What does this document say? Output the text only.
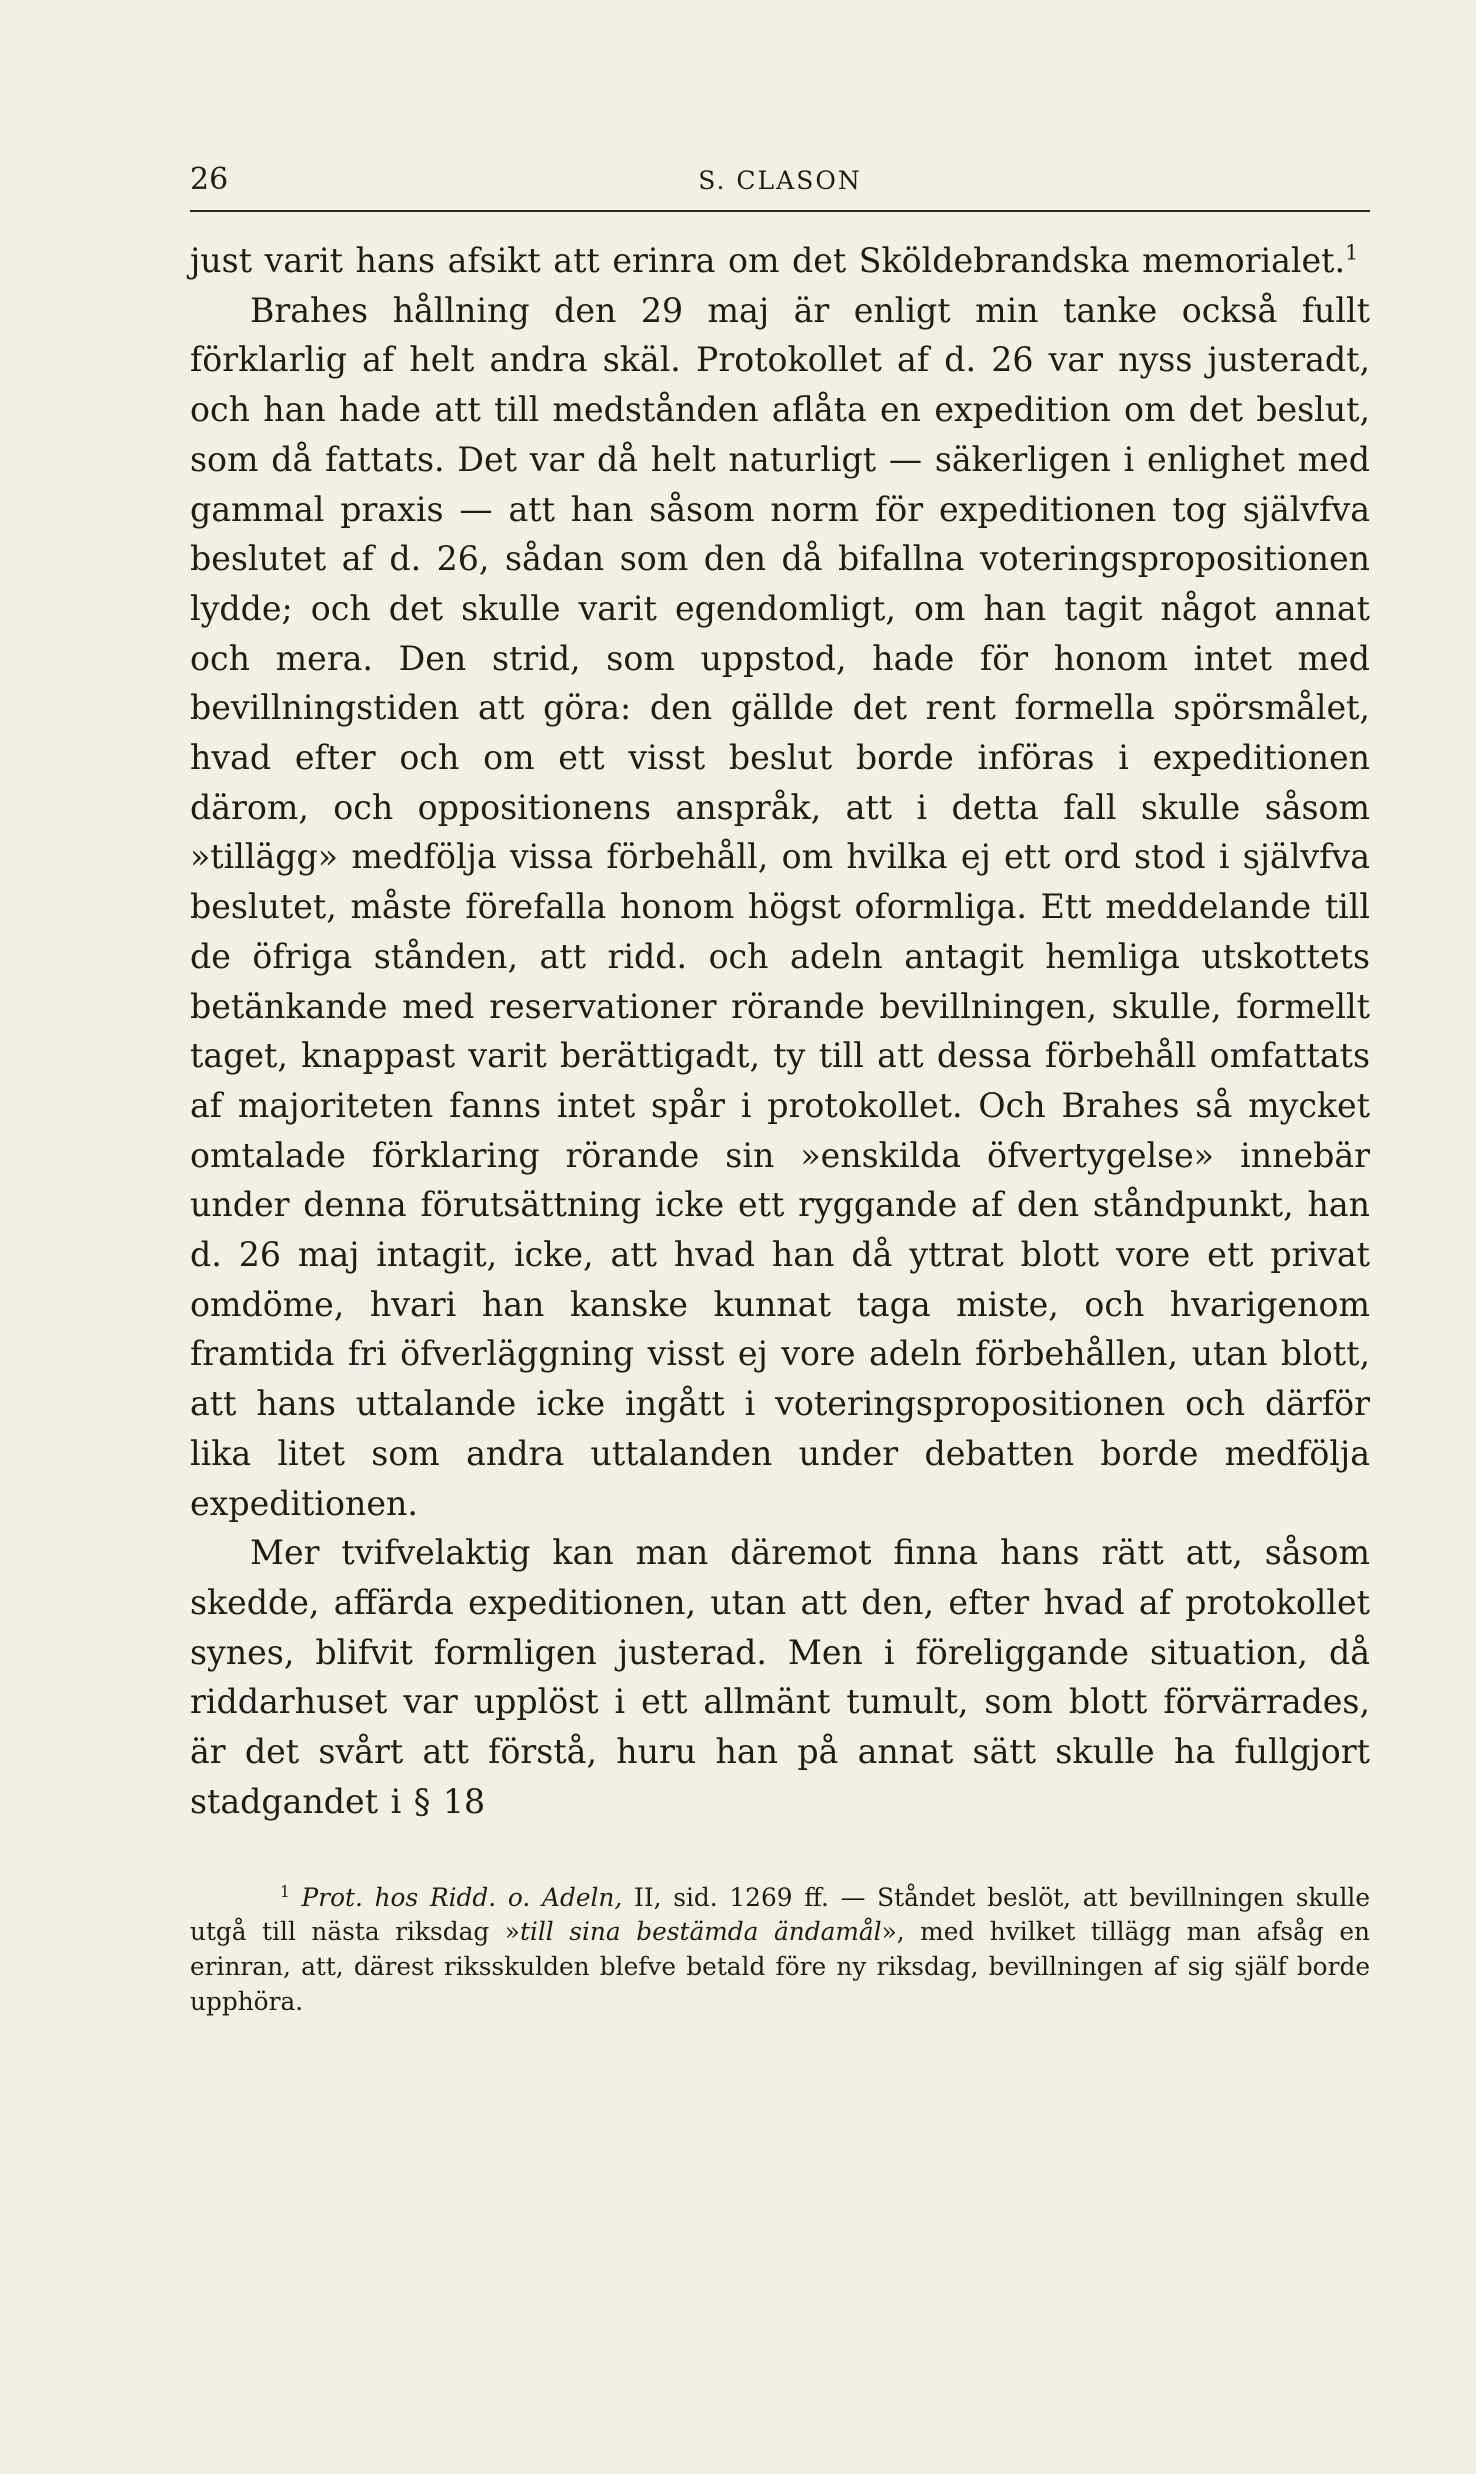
26	S. CLASON

just varit hans afsikt att erinra om det Sköldebrandska memorialet.$^1$

Brahes hållning den 29 maj är enligt min tanke också fullt förklarlig af helt andra skäl. Protokollet af d. 26 var nyss justeradt, och han hade att till medstånden aflåta en expedition om det beslut, som då fattats. Det var då helt naturligt — säkerligen i enlighet med gammal praxis — att han såsom norm för expeditionen tog självfva beslutet af d. 26, sådan som den då bifallna voteringspropositionen lydde; och det skulle varit egendomligt, om han tagit något annat och mera. Den strid, som uppstod, hade för honom intet med bevillningstiden att göra: den gällde det rent formella spörsmålet, hvad efter och om ett visst beslut borde införas i expeditionen därom, och oppositionens anspråk, att i detta fall skulle såsom »tillägg» medfölja vissa förbehåll, om hvilka ej ett ord stod i självfva beslutet, måste förefalla honom högst oformliga. Ett meddelande till de öfriga stånden, att ridd. och adeln antagit hemliga utskottets betänkande med reservationer rörande bevillningen, skulle, formellt taget, knappast varit berättigadt, ty till att dessa förbehåll omfattats af majoriteten fanns intet spår i protokollet. Och Brahes så mycket omtalade förklaring rörande sin »enskilda öfvertygelse» innebär under denna förutsättning icke ett ryggande af den ståndpunkt, han d. 26 maj intagit, icke, att hvad han då yttrat blott vore ett privat omdöme, hvari han kanske kunnat taga miste, och hvarigenom framtida fri öfverläggning visst ej vore adeln förbehållen, utan blott, att hans uttalande icke ingått i voteringspropositionen och därför lika litet som andra uttalanden under debatten borde medfölja expeditionen.

Mer tvifvelaktig kan man däremot finna hans rätt att, såsom skedde, affärda expeditionen, utan att den, efter hvad af protokollet synes, blifvit formligen justerad. Men i föreliggande situation, då riddarhuset var upplöst i ett allmänt tumult, som blott förvärrades, är det svårt att förstå, huru han på annat sätt skulle ha fullgjort stadgandet i § 18

$^1$ Prot. hos Ridd. o. Adeln, II, sid. 1269 ff. — Ståndet beslöt, att bevillningen skulle utgå till nästa riksdag »till sina bestämda ändamål», med hvilket tillägg man afsåg en erinran, att, därest riksskulden blefve betald före ny riksdag, bevillningen af sig själf borde upphöra.
